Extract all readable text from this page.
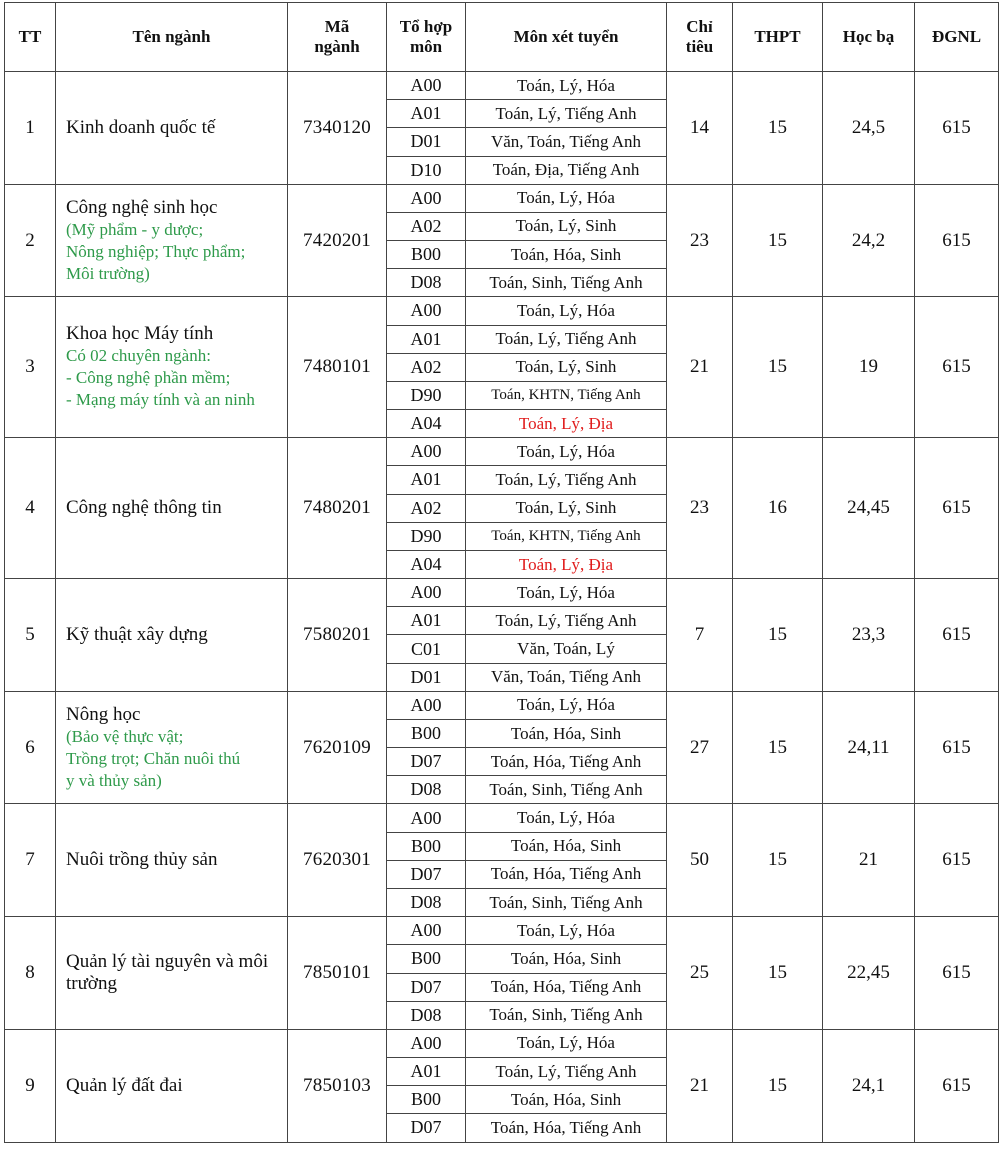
TT	Tên ngành	Mã ngành	Tổ hợp môn	Môn xét tuyển	Chỉ tiêu	THPT	Học bạ	ĐGNL
1	Kinh doanh quốc tế	7340120	A00	Toán, Lý, Hóa	14	15	24,5	615
			A01	Toán, Lý, Tiếng Anh				
			D01	Văn, Toán, Tiếng Anh				
			D10	Toán, Địa, Tiếng Anh				
2	Công nghệ sinh học
(Mỹ phẩm - y dược;
Nông nghiệp; Thực phẩm;
Môi trường)	7420201	A00	Toán, Lý, Hóa	23	15	24,2	615
			A02	Toán, Lý, Sinh				
			B00	Toán, Hóa, Sinh				
			D08	Toán, Sinh, Tiếng Anh				
3	Khoa học Máy tính
Có 02 chuyên ngành:
- Công nghệ phần mềm;
- Mạng máy tính và an ninh	7480101	A00	Toán, Lý, Hóa	21	15	19	615
			A01	Toán, Lý, Tiếng Anh				
			A02	Toán, Lý, Sinh				
			D90	Toán, KHTN, Tiếng Anh				
			A04	Toán, Lý, Địa				
4	Công nghệ thông tin	7480201	A00	Toán, Lý, Hóa	23	16	24,45	615
			A01	Toán, Lý, Tiếng Anh				
			A02	Toán, Lý, Sinh				
			D90	Toán, KHTN, Tiếng Anh				
			A04	Toán, Lý, Địa				
5	Kỹ thuật xây dựng	7580201	A00	Toán, Lý, Hóa	7	15	23,3	615
			A01	Toán, Lý, Tiếng Anh				
			C01	Văn, Toán, Lý				
			D01	Văn, Toán, Tiếng Anh				
6	Nông học
(Bảo vệ thực vật;
Trồng trọt; Chăn nuôi thú
y và thủy sản)	7620109	A00	Toán, Lý, Hóa	27	15	24,11	615
			B00	Toán, Hóa, Sinh				
			D07	Toán, Hóa, Tiếng Anh				
			D08	Toán, Sinh, Tiếng Anh				
7	Nuôi trồng thủy sản	7620301	A00	Toán, Lý, Hóa	50	15	21	615
			B00	Toán, Hóa, Sinh				
			D07	Toán, Hóa, Tiếng Anh				
			D08	Toán, Sinh, Tiếng Anh				
8	Quản lý tài nguyên và môi trường	7850101	A00	Toán, Lý, Hóa	25	15	22,45	615
			B00	Toán, Hóa, Sinh				
			D07	Toán, Hóa, Tiếng Anh				
			D08	Toán, Sinh, Tiếng Anh				
9	Quản lý đất đai	7850103	A00	Toán, Lý, Hóa	21	15	24,1	615
			A01	Toán, Lý, Tiếng Anh				
			B00	Toán, Hóa, Sinh				
			D07	Toán, Hóa, Tiếng Anh				
